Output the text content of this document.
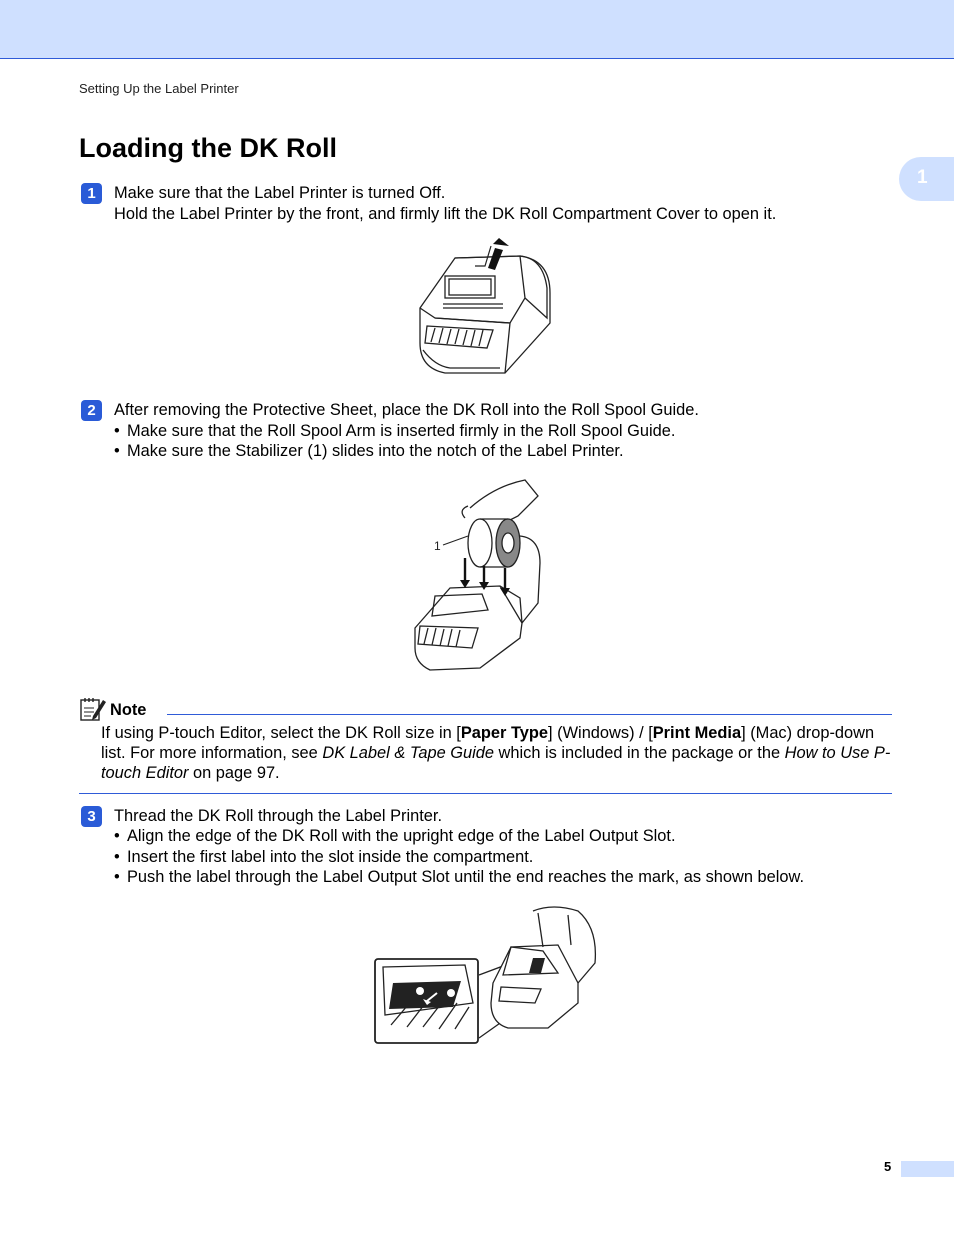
Setting Up the Label Printer
1
Loading the DK Roll
1	Make sure that the Label Printer is turned Off.
Hold the Label Printer by the front, and firmly lift the DK Roll Compartment Cover to open it.
2	After removing the Protective Sheet, place the DK Roll into the Roll Spool Guide.
• Make sure that the Roll Spool Arm is inserted firmly in the Roll Spool Guide.
• Make sure the Stabilizer (1) slides into the notch of the Label Printer.
1
Note
If using P-touch Editor, select the DK Roll size in [Paper Type] (Windows) / [Print Media] (Mac) drop-down list. For more information, see DK Label & Tape Guide which is included in the package or the How to Use P-touch Editor on page 97.
3	Thread the DK Roll through the Label Printer.
• Align the edge of the DK Roll with the upright edge of the Label Output Slot.
• Insert the first label into the slot inside the compartment.
• Push the label through the Label Output Slot until the end reaches the mark, as shown below.
5
